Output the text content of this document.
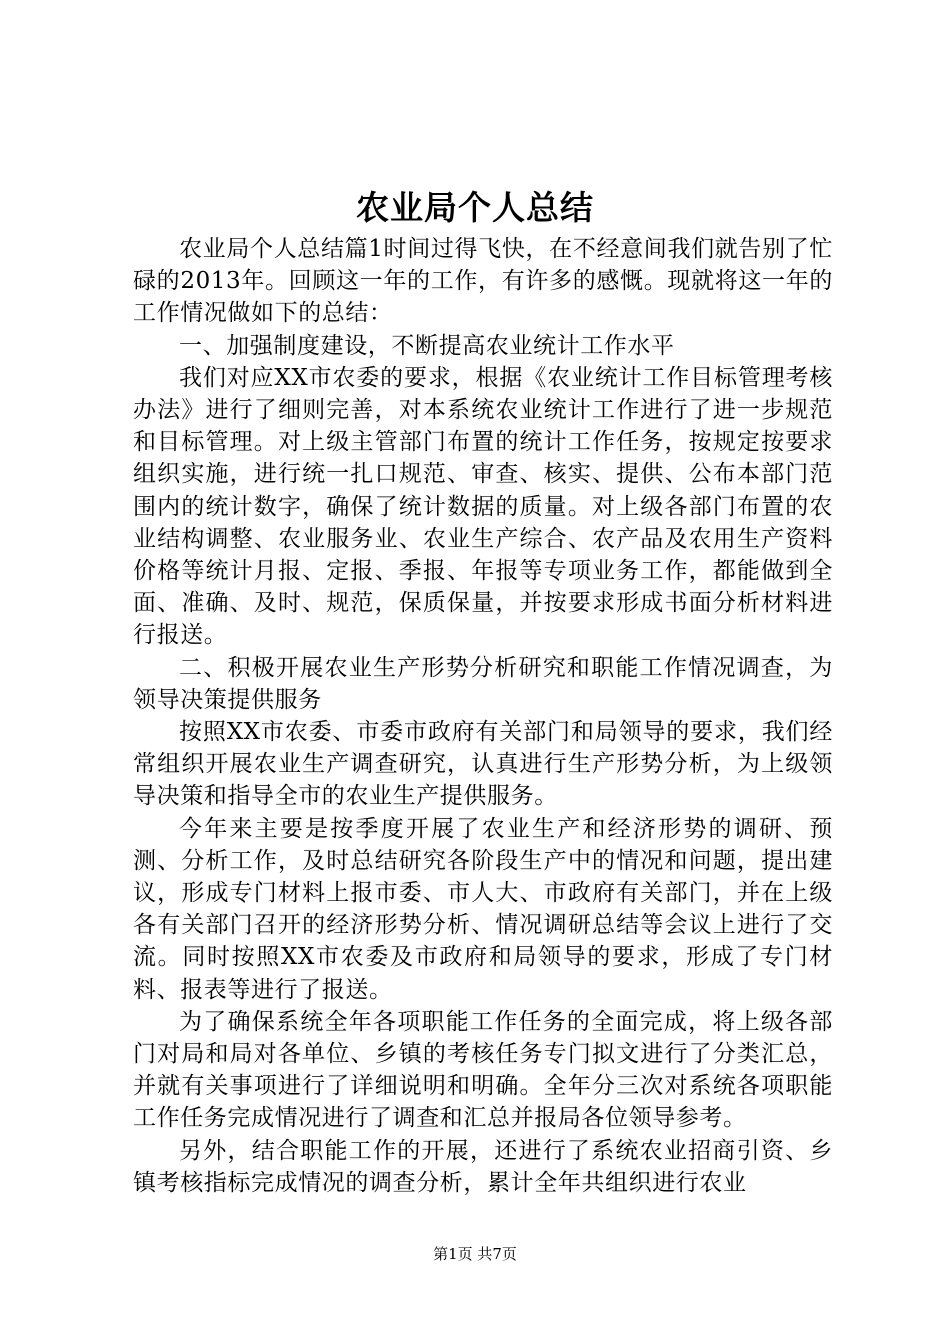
农业局个人总结

农业局个人总结篇1时间过得飞快，在不经意间我们就告别了忙碌的2013年。回顾这一年的工作，有许多的感慨。现就将这一年的工作情况做如下的总结：

一、加强制度建设，不断提高农业统计工作水平

我们对应XX市农委的要求，根据《农业统计工作目标管理考核办法》进行了细则完善，对本系统农业统计工作进行了进一步规范和目标管理。对上级主管部门布置的统计工作任务，按规定按要求组织实施，进行统一扎口规范、审查、核实、提供、公布本部门范围内的统计数字，确保了统计数据的质量。对上级各部门布置的农业结构调整、农业服务业、农业生产综合、农产品及农用生产资料价格等统计月报、定报、季报、年报等专项业务工作，都能做到全面、准确、及时、规范，保质保量，并按要求形成书面分析材料进行报送。

二、积极开展农业生产形势分析研究和职能工作情况调查，为领导决策提供服务

按照XX市农委、市委市政府有关部门和局领导的要求，我们经常组织开展农业生产调查研究，认真进行生产形势分析，为上级领导决策和指导全市的农业生产提供服务。

今年来主要是按季度开展了农业生产和经济形势的调研、预测、分析工作，及时总结研究各阶段生产中的情况和问题，提出建议，形成专门材料上报市委、市人大、市政府有关部门，并在上级各有关部门召开的经济形势分析、情况调研总结等会议上进行了交流。同时按照XX市农委及市政府和局领导的要求，形成了专门材料、报表等进行了报送。

为了确保系统全年各项职能工作任务的全面完成，将上级各部门对局和局对各单位、乡镇的考核任务专门拟文进行了分类汇总，并就有关事项进行了详细说明和明确。全年分三次对系统各项职能工作任务完成情况进行了调查和汇总并报局各位领导参考。

另外，结合职能工作的开展，还进行了系统农业招商引资、乡镇考核指标完成情况的调查分析，累计全年共组织进行农业

第1页 共7页
